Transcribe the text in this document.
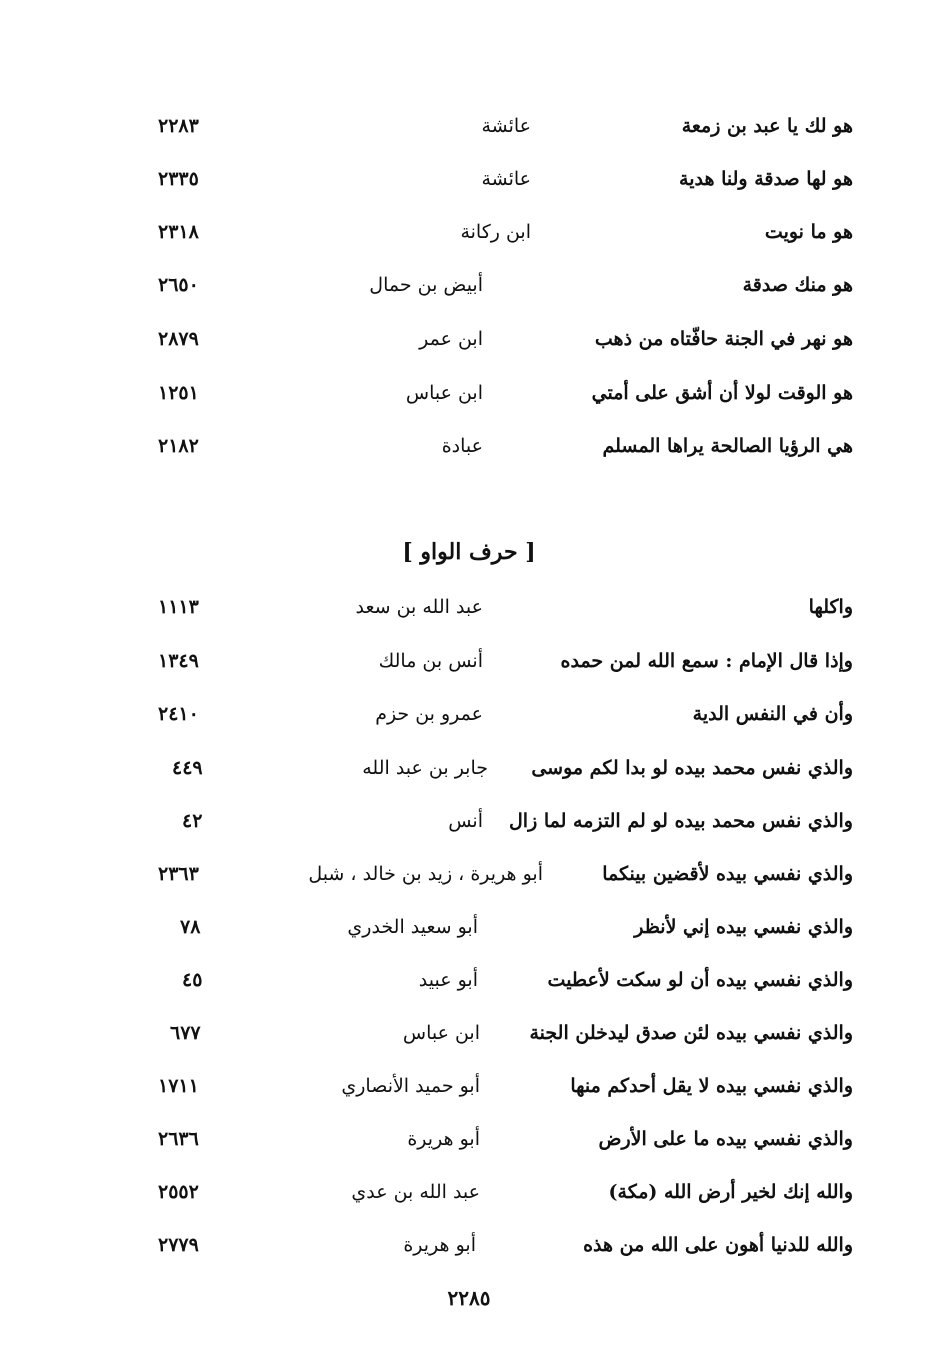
هو لك يا عبد بن زمعة
عائشة
٢٢٨٣
هو لها صدقة ولنا هدية
عائشة
٢٣٣٥
هو ما نويت
ابن ركانة
٢٣١٨
هو منك صدقة
أبيض بن حمال
٢٦٥٠
هو نهر في الجنة حافّتاه من ذهب
ابن عمر
٢٨٧٩
هو الوقت لولا أن أشق على أمتي
ابن عباس
١٢٥١
هي الرؤيا الصالحة يراها المسلم
عبادة
٢١٨٢
[ حرف الواو ]
واكلها
عبد الله بن سعد
١١١٣
وإذا قال الإمام : سمع الله لمن حمده
أنس بن مالك
١٣٤٩
وأن في النفس الدية
عمرو بن حزم
٢٤١٠
والذي نفس محمد بيده لو بدا لكم موسى
جابر بن عبد الله
٤٤٩
والذي نفس محمد بيده لو لم التزمه لما زال
أنس
٤٢
والذي نفسي بيده لأقضين بينكما
أبو هريرة ، زيد بن خالد ، شبل
٢٣٦٣
والذي نفسي بيده إني لأنظر
أبو سعيد الخدري
٧٨
والذي نفسي بيده أن لو سكت لأعطيت
أبو عبيد
٤٥
والذي نفسي بيده لئن صدق ليدخلن الجنة
ابن عباس
٦٧٧
والذي نفسي بيده لا يقل أحدكم منها
أبو حميد الأنصاري
١٧١١
والذي نفسي بيده ما على الأرض
أبو هريرة
٢٦٣٦
والله إنك لخير أرض الله (مكة)
عبد الله بن عدي
٢٥٥٢
والله للدنيا أهون على الله من هذه
أبو هريرة
٢٧٧٩
٢٢٨٥
